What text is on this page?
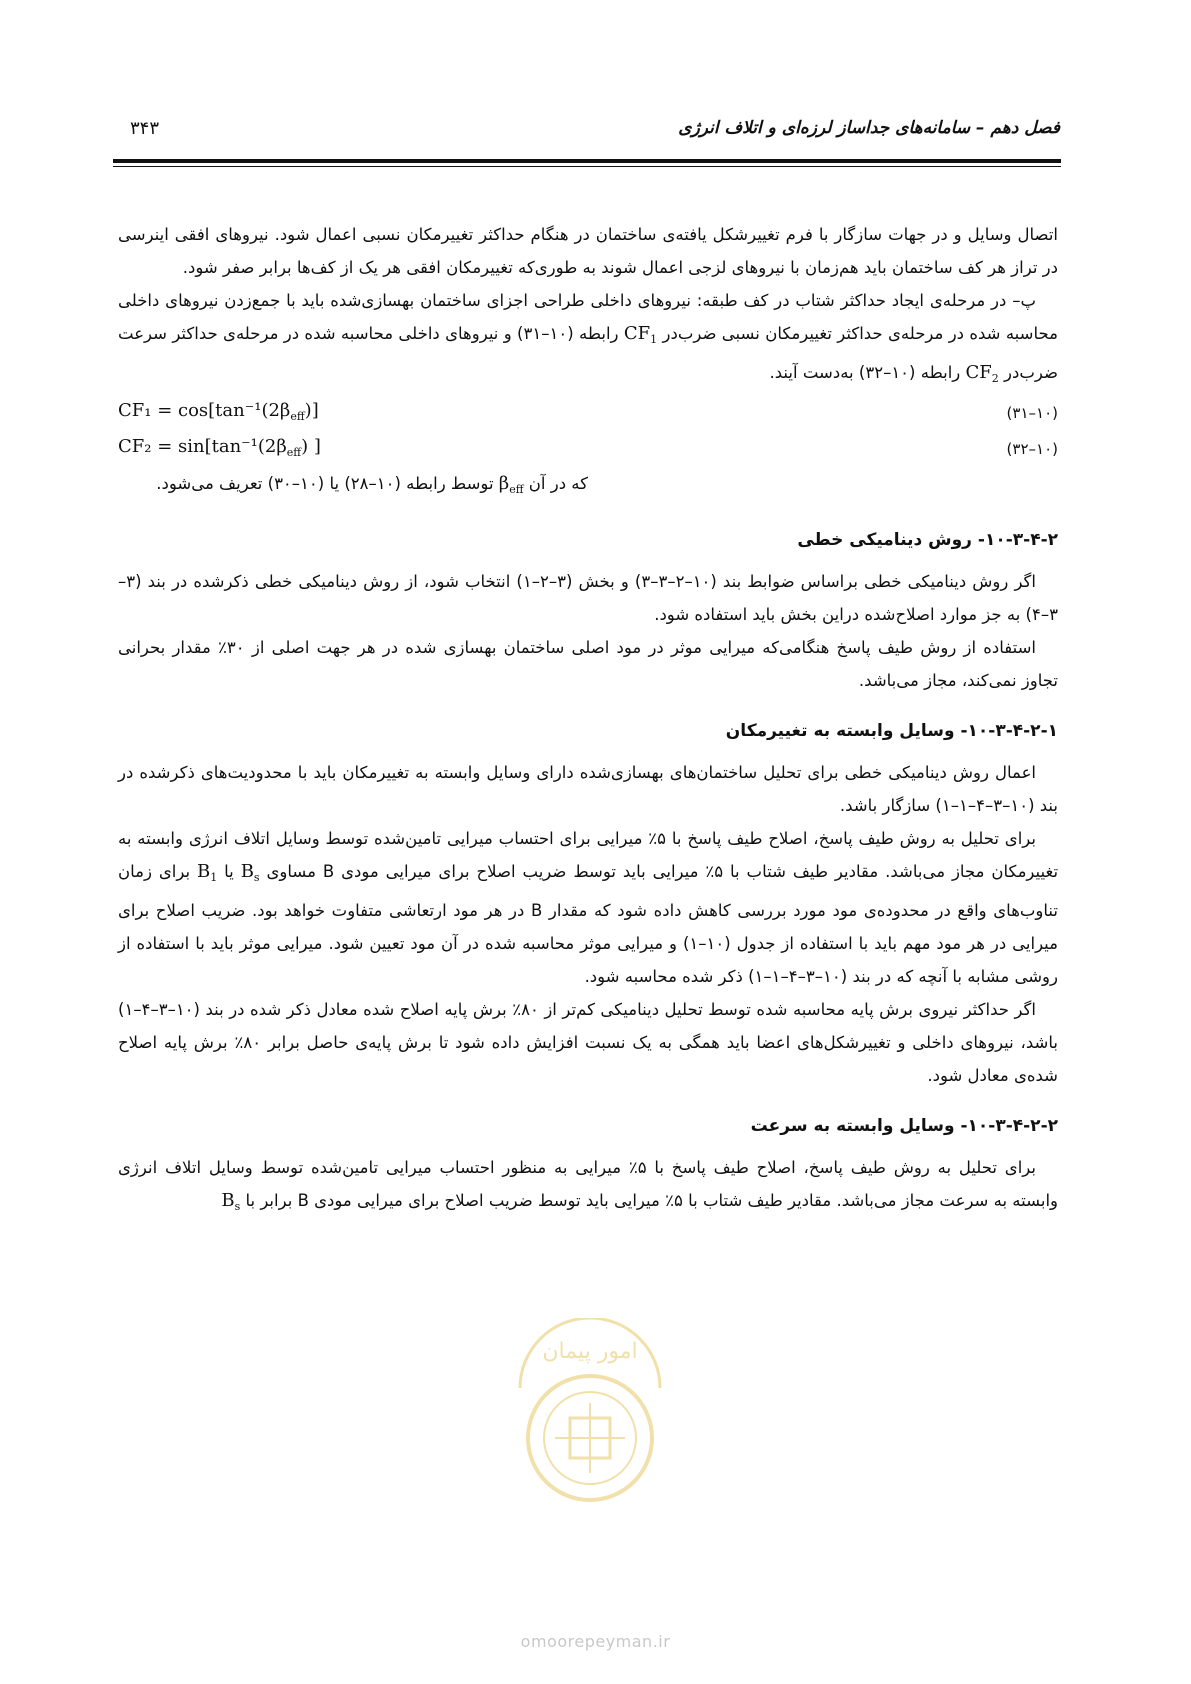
فصل دهم – سامانه‌های جداساز لرزه‌ای و اتلاف انرژی
۳۴۳

اتصال وسایل و در جهات سازگار با فرم تغییرشکل یافته‌ی ساختمان در هنگام حداکثر تغییرمکان نسبی اعمال شود. نیروهای افقی اینرسی در تراز هر کف ساختمان باید هم‌زمان با نیروهای لزجی اعمال شوند به طوری‌که تغییرمکان افقی هر یک از کف‌ها برابر صفر شود.

پ– در مرحله‌ی ایجاد حداکثر شتاب در کف طبقه: نیروهای داخلی طراحی اجزای ساختمان بهسازی‌شده باید با جمع‌زدن نیروهای داخلی محاسبه شده در مرحله‌ی حداکثر تغییرمکان نسبی ضرب‌در $CF_1$ رابطه (۱۰–۳۱) و نیروهای داخلی محاسبه شده در مرحله‌ی حداکثر سرعت ضرب‌در $CF_2$ رابطه (۱۰–۳۲) به‌دست آیند.

$CF_1 = \cos[\tan^{-1}(2\beta_{eff})]$	(۱۰–۳۱)
$CF_2 = \sin[\tan^{-1}(2\beta_{eff})$ ]	(۱۰–۳۲)

که در آن $\beta_{eff}$ توسط رابطه (۱۰–۲۸) یا (۱۰–۳۰) تعریف می‌شود.

۱۰-۳-۴-۲- روش دینامیکی خطی

اگر روش دینامیکی خطی براساس ضوابط بند (۱۰–۲–۳–۳) و بخش (۳–۲–۱) انتخاب شود، از روش دینامیکی خطی ذکرشده در بند (۳–۳–۴) به جز موارد اصلاح‌شده دراین بخش باید استفاده شود.

استفاده از روش طیف پاسخ هنگامی‌که میرایی موثر در مود اصلی ساختمان بهسازی شده در هر جهت اصلی از ۳۰٪ مقدار بحرانی تجاوز نمی‌کند، مجاز می‌باشد.

۱۰-۳-۴-۲-۱- وسایل وابسته به تغییرمکان

اعمال روش دینامیکی خطی برای تحلیل ساختمان‌های بهسازی‌شده دارای وسایل وابسته به تغییرمکان باید با محدودیت‌های ذکرشده در بند (۱۰–۳–۴–۱–۱) سازگار باشد.

برای تحلیل به روش طیف پاسخ، اصلاح طیف پاسخ با ۵٪ میرایی برای احتساب میرایی تامین‌شده توسط وسایل اتلاف انرژی وابسته به تغییرمکان مجاز می‌باشد. مقادیر طیف شتاب با ۵٪ میرایی باید توسط ضریب اصلاح برای میرایی مودی B مساوی $B_s$ یا $B_1$ برای زمان تناوب‌های واقع در محدوده‌ی مود مورد بررسی کاهش داده شود که مقدار B در هر مود ارتعاشی متفاوت خواهد بود. ضریب اصلاح برای میرایی در هر مود مهم باید با استفاده از جدول (۱۰–۱) و میرایی موثر محاسبه شده در آن مود تعیین شود. میرایی موثر باید با استفاده از روشی مشابه با آنچه که در بند (۱۰–۳–۴–۱–۱) ذکر شده محاسبه شود.

اگر حداکثر نیروی برش پایه محاسبه شده توسط تحلیل دینامیکی کم‌تر از ۸۰٪ برش پایه اصلاح شده معادل ذکر شده در بند (۱۰–۳–۴–۱) باشد، نیروهای داخلی و تغییرشکل‌های اعضا باید همگی به یک نسبت افزایش داده شود تا برش پایه‌ی حاصل برابر ۸۰٪ برش پایه اصلاح شده‌ی معادل شود.

۱۰-۳-۴-۲-۲- وسایل وابسته به سرعت

برای تحلیل به روش طیف پاسخ، اصلاح طیف پاسخ با ۵٪ میرایی به منظور احتساب میرایی تامین‌شده توسط وسایل اتلاف انرژی وابسته به سرعت مجاز می‌باشد. مقادیر طیف شتاب با ۵٪ میرایی باید توسط ضریب اصلاح برای میرایی مودی B برابر با $B_s$

امور پیمان
omoorepeyman.ir
